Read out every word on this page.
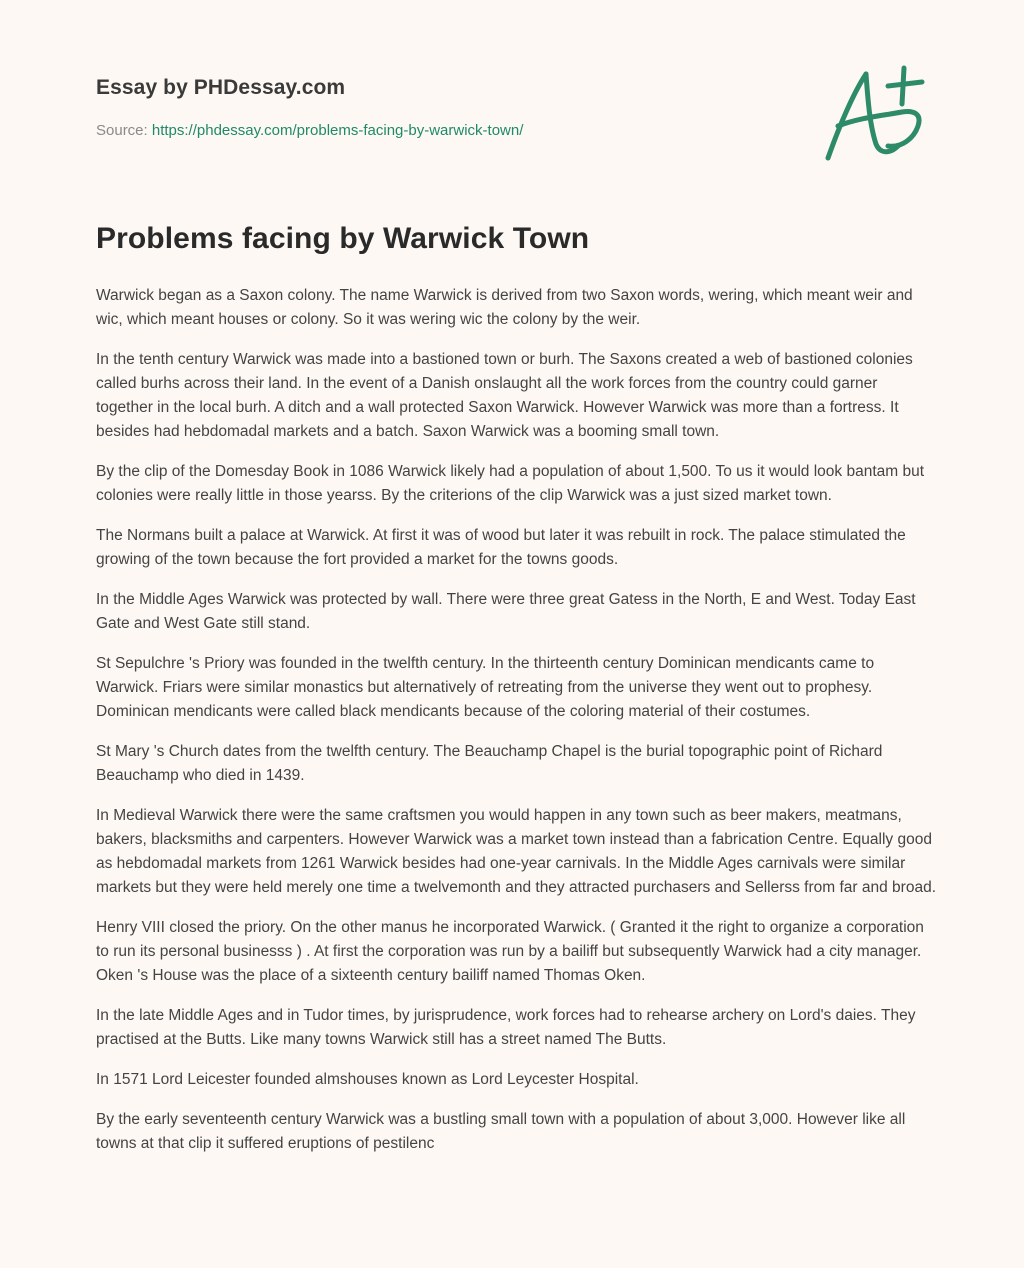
Essay by PHDessay.com

Source: https://phdessay.com/problems-facing-by-warwick-town/
Problems facing by Warwick Town

Warwick began as a Saxon colony. The name Warwick is derived from two Saxon words, wering, which meant weir and wic, which meant houses or colony. So it was wering wic the colony by the weir.

In the tenth century Warwick was made into a bastioned town or burh. The Saxons created a web of bastioned colonies called burhs across their land. In the event of a Danish onslaught all the work forces from the country could garner together in the local burh. A ditch and a wall protected Saxon Warwick. However Warwick was more than a fortress. It besides had hebdomadal markets and a batch. Saxon Warwick was a booming small town.

By the clip of the Domesday Book in 1086 Warwick likely had a population of about 1,500. To us it would look bantam but colonies were really little in those yearss. By the criterions of the clip Warwick was a just sized market town.

The Normans built a palace at Warwick. At first it was of wood but later it was rebuilt in rock. The palace stimulated the growing of the town because the fort provided a market for the towns goods.

In the Middle Ages Warwick was protected by wall. There were three great Gatess in the North, E and West. Today East Gate and West Gate still stand.

St Sepulchre 's Priory was founded in the twelfth century. In the thirteenth century Dominican mendicants came to Warwick. Friars were similar monastics but alternatively of retreating from the universe they went out to prophesy. Dominican mendicants were called black mendicants because of the coloring material of their costumes.

St Mary 's Church dates from the twelfth century. The Beauchamp Chapel is the burial topographic point of Richard Beauchamp who died in 1439.

In Medieval Warwick there were the same craftsmen you would happen in any town such as beer makers, meatmans, bakers, blacksmiths and carpenters. However Warwick was a market town instead than a fabrication Centre. Equally good as hebdomadal markets from 1261 Warwick besides had one-year carnivals. In the Middle Ages carnivals were similar markets but they were held merely one time a twelvemonth and they attracted purchasers and Sellerss from far and broad.

Henry VIII closed the priory. On the other manus he incorporated Warwick. ( Granted it the right to organize a corporation to run its personal businesss ) . At first the corporation was run by a bailiff but subsequently Warwick had a city manager. Oken 's House was the place of a sixteenth century bailiff named Thomas Oken.

In the late Middle Ages and in Tudor times, by jurisprudence, work forces had to rehearse archery on Lord's daies. They practised at the Butts. Like many towns Warwick still has a street named The Butts.

In 1571 Lord Leicester founded almshouses known as Lord Leycester Hospital.

By the early seventeenth century Warwick was a bustling small town with a population of about 3,000. However like all towns at that clip it suffered eruptions of pestilenc
